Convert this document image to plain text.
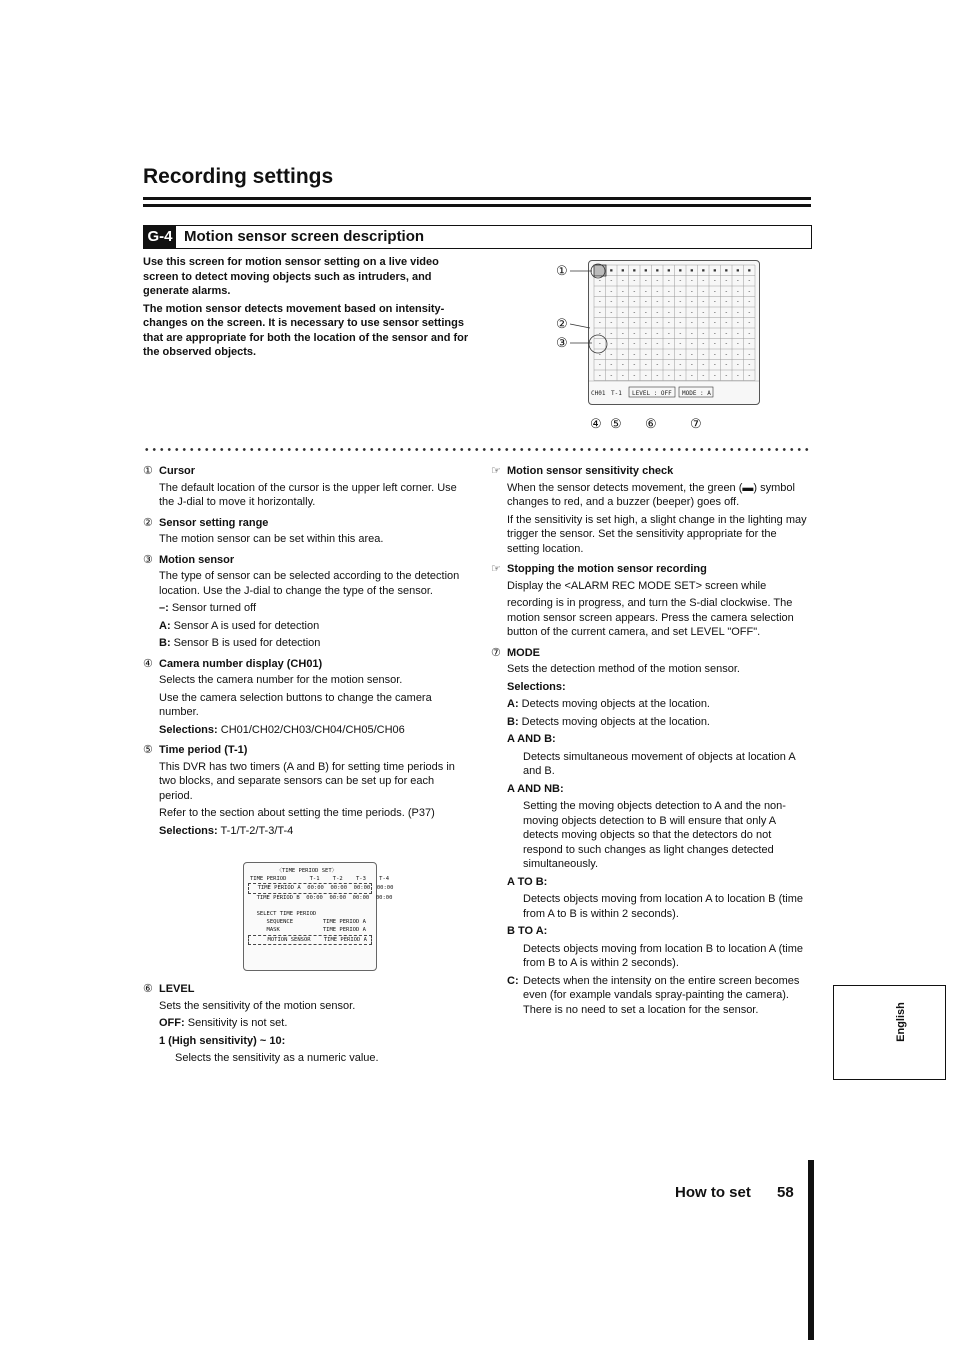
Recording settings
G-4 Motion sensor screen description

Use this screen for motion sensor setting on a live video screen to detect moving objects such as intruders, and generate alarms.

The motion sensor detects movement based on intensity-changes on the screen. It is necessary to use sensor settings that are appropriate for both the location of the sensor and for the observed objects.

-
-
-
-
-
-
-
-
-
-
▪
-
-
-
-
-
-
-
-
-
-
▪
-
-
-
-
-
-
-
-
-
-
▪
-
-
-
-
-
-
-
-
-
-
▪
-
-
-
-
-
-
-
-
-
-
▪
-
-
-
-
-
-
-
-
-
-
▪
-
-
-
-
-
-
-
-
-
-
▪
-
-
-
-
-
-
-
-
-
-
▪
-
-
-
-
-
-
-
-
-
-
▪
-
-
-
-
-
-
-
-
-
-
▪
-
-
-
-
-
-
-
-
-
-
▪
-
-
-
-
-
-
-
-
-
-
▪
-
-
-
-
-
-
-
-
-
-
▪
-
-
-
-
-
-
-
-
-
-
CH01 T-1 LEVEL : OFF MODE : A
①
②
③
④ ⑤ ⑥	⑦
① Cursor

The default location of the cursor is the upper left corner. Use the J-dial to move it horizontally.

② Sensor setting range

The motion sensor can be set within this area.

③ Motion sensor

The type of sensor can be selected according to the detection location. Use the J-dial to change the type of the sensor.

–: Sensor turned off

A: Sensor A is used for detection

B: Sensor B is used for detection

④ Camera number display (CH01)

Selects the camera number for the motion sensor.

Use the camera selection buttons to change the camera number.

Selections: CH01/CH02/CH03/CH04/CH05/CH06

⑤ Time period (T-1)

This DVR has two timers (A and B) for setting time periods in two blocks, and separate sensors can be set up for each period.

Refer to the section about setting the time periods. (P37)

Selections: T-1/T-2/T-3/T-4

〈TIME PERIOD SET〉
TIME PERIOD       T-1    T-2    T-3    T-4
TIME PERIOD A  00:00  00:00  00:00  00:00
TIME PERIOD B  00:00  00:00  00:00  00:00

SELECT TIME PERIOD
SEQUENCE         TIME PERIOD A
MASK             TIME PERIOD A
MOTION SENSOR    TIME PERIOD A
⑥ LEVEL

Sets the sensitivity of the motion sensor.

OFF: Sensitivity is not set.

1 (High sensitivity) ~ 10:

Selects the sensitivity as a numeric value.

☞ Motion sensor sensitivity check

When the sensor detects movement, the green (▬) symbol changes to red, and a buzzer (beeper) goes off.

If the sensitivity is set high, a slight change in the lighting may trigger the sensor. Set the sensitivity appropriate for the setting location.

☞ Stopping the motion sensor recording

Display the <ALARM REC MODE SET> screen while

recording is in progress, and turn the S-dial clockwise. The motion sensor screen appears. Press the camera selection button of the current camera, and set LEVEL "OFF".

⑦ MODE

Sets the detection method of the motion sensor.

Selections:

A: Detects moving objects at the location.

B: Detects moving objects at the location.

A AND B:

Detects simultaneous movement of objects at location A and B.

A AND NB:

Setting the moving objects detection to A and the non-moving objects detection to B will ensure that only A detects moving objects so that the detectors do not respond to such changes as light changes detected simultaneously.

A TO B:

Detects objects moving from location A to location B (time from A to B is within 2 seconds).

B TO A:

Detects objects moving from location B to location A (time from B to A is within 2 seconds).

C: Detects when the intensity on the entire screen becomes even (for example vandals spray-painting the camera). There is no need to set a location for the sensor.	English
How to set 58
